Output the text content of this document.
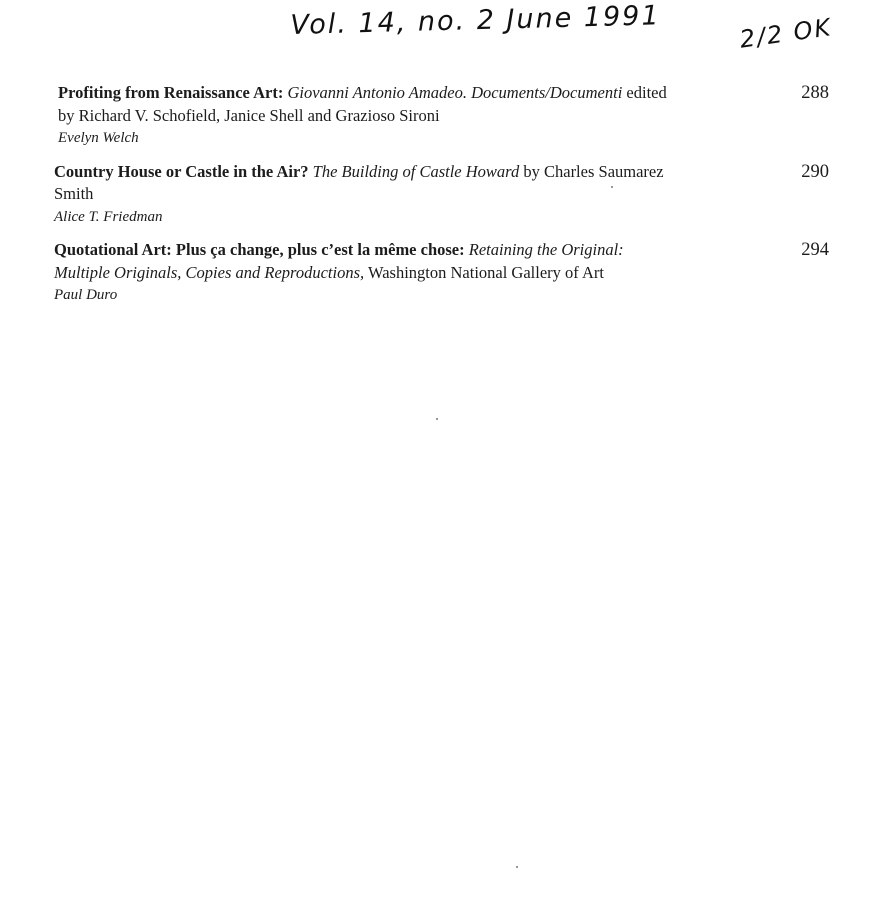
Vol. 14, no. 2 June 1991	2/2 OK
Profiting from Renaissance Art: Giovanni Antonio Amadeo. Documents/Documenti edited by Richard V. Schofield, Janice Shell and Grazioso Sironi
Evelyn Welch
288
Country House or Castle in the Air? The Building of Castle Howard by Charles Saumarez Smith
Alice T. Friedman
290
Quotational Art: Plus ça change, plus c’est la même chose: Retaining the Original: Multiple Originals, Copies and Reproductions, Washington National Gallery of Art
Paul Duro
294
